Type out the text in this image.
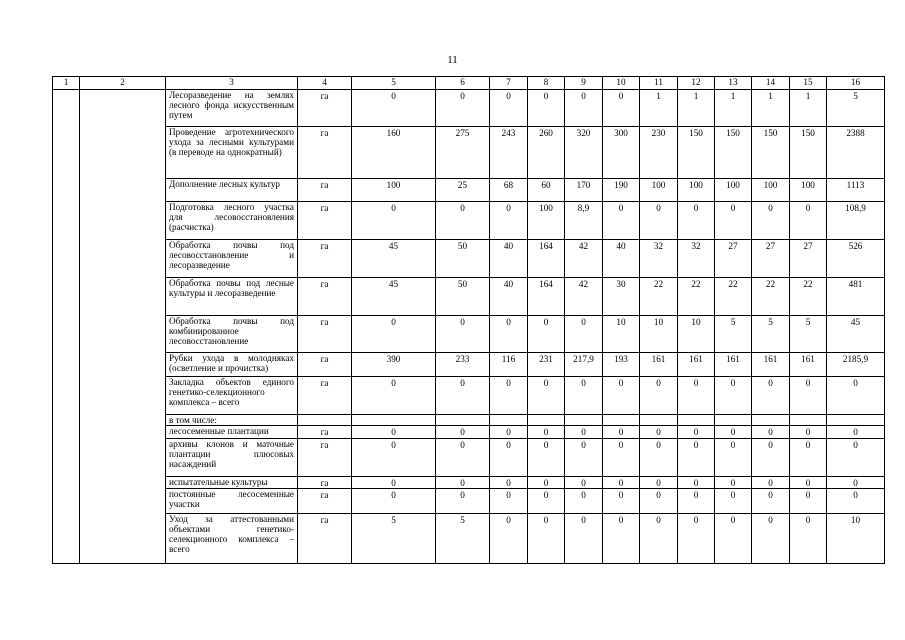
11
1	2	3	4	5	6	7	8	9	10	11	12	13	14	15	16
		Лесоразведение на землях лесного фонда искусственным путем	га	0	0	0	0	0	0	1	1	1	1	1	5
		Проведение агротехнического ухода за лесными культурами (в переводе на однократный)	га	160	275	243	260	320	300	230	150	150	150	150	2388
		Дополнение лесных культур	га	100	25	68	60	170	190	100	100	100	100	100	1113
		Подготовка лесного участка для лесовосстановления (расчистка)	га	0	0	0	100	8,9	0	0	0	0	0	0	108,9
		Обработка почвы под лесовосстановление и лесоразведение	га	45	50	40	164	42	40	32	32	27	27	27	526
		Обработка почвы под лесные культуры и лесоразведение	га	45	50	40	164	42	30	22	22	22	22	22	481
		Обработка почвы под комбинированное лесовосстановление	га	0	0	0	0	0	10	10	10	5	5	5	45
		Рубки ухода в молодняках (осветление и прочистка)	га	390	233	116	231	217,9	193	161	161	161	161	161	2185,9
		Закладка объектов единого генетико-селекционного комплекса – всего	га	0	0	0	0	0	0	0	0	0	0	0	0
		в том числе:													
		лесосеменные плантации	га	0	0	0	0	0	0	0	0	0	0	0	0
		архивы клонов и маточные плантации плюсовых насаждений	га	0	0	0	0	0	0	0	0	0	0	0	0
		испытательные культуры	га	0	0	0	0	0	0	0	0	0	0	0	0
		постоянные лесосеменные участки	га	0	0	0	0	0	0	0	0	0	0	0	0
		Уход за аттестованными объектами генетико-селекционного комплекса – всего	га	5	5	0	0	0	0	0	0	0	0	0	10
